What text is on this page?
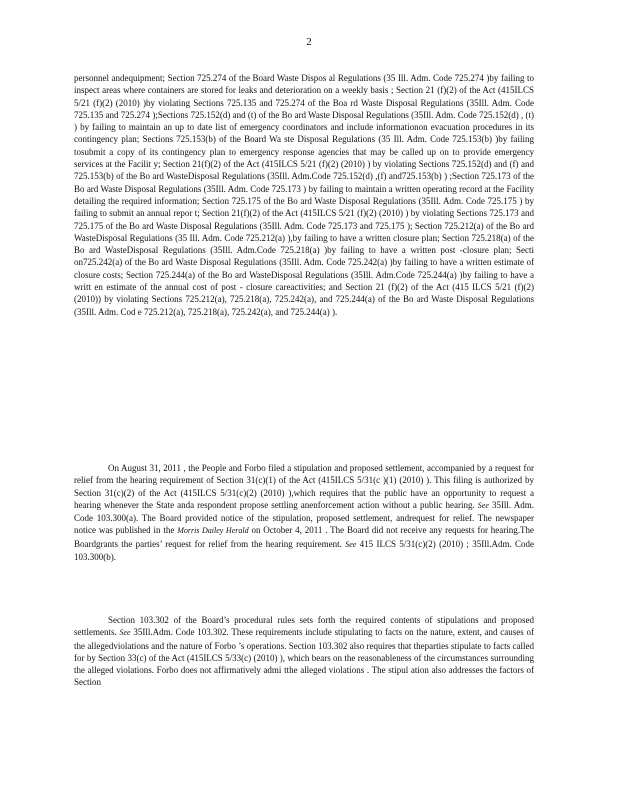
2

personnel andequipment; Section 725.274 of the Board Waste Dispos al Regulations (35 Ill. Adm. Code 725.274 )by failing to inspect areas where containers are stored for leaks and deterioration on a weekly basis ; Section 21 (f)(2) of the Act (415ILCS 5/21 (f)(2) (2010) )by violating Sections 725.135 and 725.274 of the Boa rd Waste Disposal Regulations (35Ill. Adm. Code 725.135 and 725.274 );Sections 725.152(d) and (t) of the Bo ard Waste Disposal Regulations (35Ill. Adm. Code 725.152(d) , (t) ) by failing to maintain an up to date list of emergency coordinators and include informationon evacuation procedures in its contingency plan; Sections 725.153(b) of the Board Wa ste Disposal Regulations (35 Ill. Adm. Code 725.153(b) )by failing tosubmit a copy of its contingency plan to emergency response agencies that may be called up on to provide emergency services at the Facilit y; Section 21(f)(2) of the Act (415ILCS 5/21 (f)(2) (2010) ) by violating Sections 725.152(d) and (f) and 725.153(b) of the Bo ard WasteDisposal Regulations (35Ill. Adm.Code 725.152(d) ,(f) and725.153(b) ) ;Section 725.173 of the Bo ard Waste Disposal Regulations (35Ill. Adm. Code 725.173 ) by failing to maintain a written operating record at the Facility detailing the required information; Section 725.175 of the Bo ard Waste Disposal Regulations (35Ill. Adm. Code 725.175 ) by failing to submit an annual repor t; Section 21(f)(2) of the Act (415ILCS 5/21 (f)(2) (2010) ) by violating Sections 725.173 and 725.175 of the Bo ard Waste Disposal Regulations (35Ill. Adm. Code 725.173 and 725.175 ); Section 725.212(a) of the Bo ard WasteDisposal Regulations (35 Ill. Adm. Code 725.212(a) ),by failing to have a written closure plan; Section 725.218(a) of the Bo ard WasteDisposal Regulations (35Ill. Adm.Code 725.218(a) )by failing to have a written post -closure plan; Secti on725.242(a) of the Bo ard Waste Disposal Regulations (35Ill. Adm. Code 725.242(a) )by failing to have a written estimate of closure costs; Section 725.244(a) of the Bo ard WasteDisposal Regulations (35Ill. Adm.Code 725.244(a) )by failing to have a writt en estimate of the annual cost of post - closure careactivities; and Section 21 (f)(2) of the Act (415 ILCS 5/21 (f)(2) (2010)) by violating Sections 725.212(a), 725.218(a), 725.242(a), and 725.244(a) of the Bo ard Waste Disposal Regulations (35Ill. Adm. Cod e 725.212(a), 725.218(a), 725.242(a), and 725.244(a) ).

On August 31, 2011 , the People and Forbo filed a stipulation and proposed settlement, accompanied by a request for relief from the hearing requirement of Section 31(c)(1) of the Act (415ILCS 5/31(c )(1) (2010) ). This filing is authorized by Section 31(c)(2) of the Act (415ILCS 5/31(c)(2) (2010) ),which requires that the public have an opportunity to request a hearing whenever the State anda respondent propose settling anenforcement action without a public hearing. See 35Ill. Adm. Code 103.300(a). The Board provided notice of the stipulation, proposed settlement, andrequest for relief. The newspaper notice was published in the Morris Dailey Herald on October 4, 2011 . The Board did not receive any requests for hearing.The Boardgrants the parties’ request for relief from the hearing requirement. See 415 ILCS 5/31(c)(2) (2010) ; 35Ill.Adm. Code 103.300(b).

Section 103.302 of the Board’s procedural rules sets forth the required contents of stipulations and proposed settlements. See 35Ill.Adm. Code 103.302. These requirements include stipulating to facts on the nature, extent, and causes of the allegedviolations and the nature of Forbo ’s operations. Section 103.302 also requires that theparties stipulate to facts called for by Section 33(c) of the Act (415ILCS 5/33(c) (2010) ), which bears on the reasonableness of the circumstances surrounding the alleged violations. Forbo does not affirmatively admi tthe alleged violations . The stipul ation also addresses the factors of Section
